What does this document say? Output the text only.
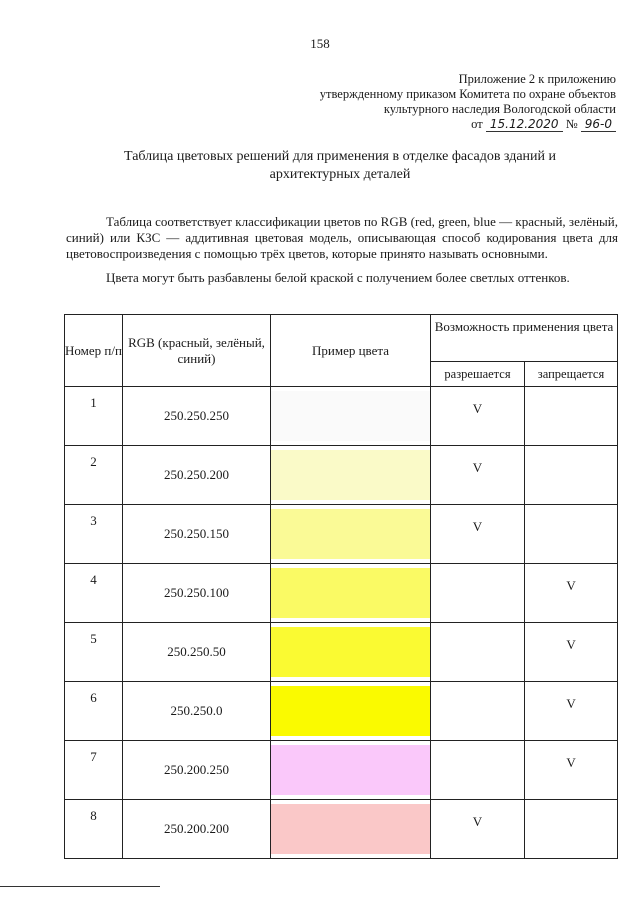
158
Приложение 2 к приложению
утвержденному приказом Комитета по охране объектов
культурного наследия Вологодской области
от 15.12.2020 № 96-0
Таблица цветовых решений для применения в отделке фасадов зданий и
архитектурных деталей
Таблица соответствует классификации цветов по RGB (red, green, blue — красный, зелёный, синий) или КЗС — аддитивная цветовая модель, описывающая способ кодирования цвета для цветовоспроизведения с помощью трёх цветов, которые принято называть основными.
Цвета могут быть разбавлены белой краской с получением более светлых оттенков.
Номер п/п	RGB (красный, зелёный, синий)	Пример цвета	Возможность применения цвета	
			разрешается	запрещается
1	250.250.250		V	
2	250.250.200		V	
3	250.250.150		V	
4	250.250.100			V
5	250.250.50			V
6	250.250.0			V
7	250.200.250			V
8	250.200.200		V	
